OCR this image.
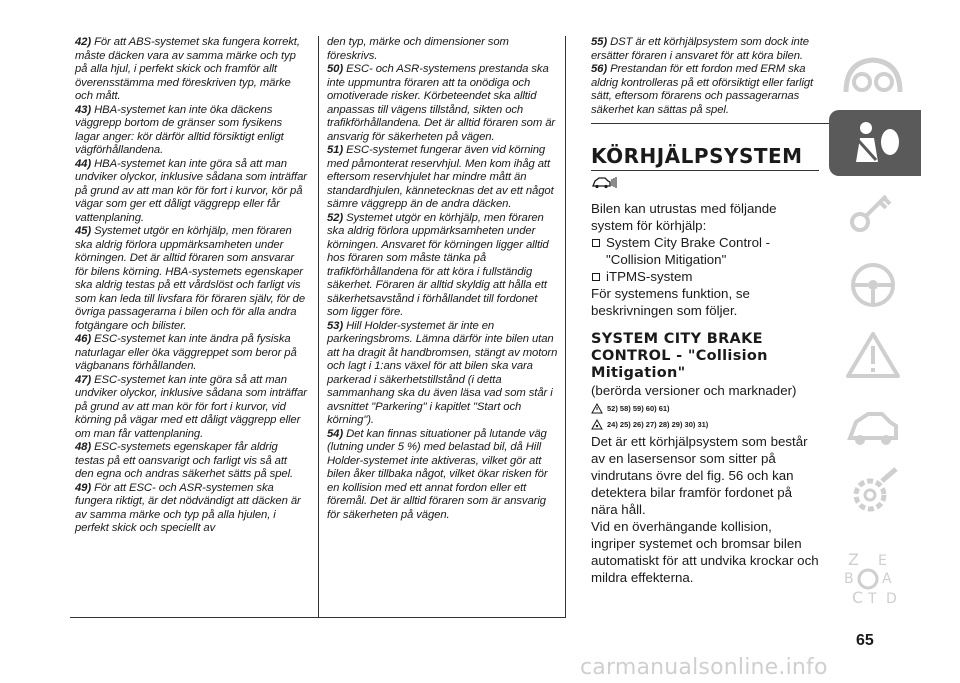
42) För att ABS-systemet ska fungera korrekt, måste däcken vara av samma märke och typ på alla hjul, i perfekt skick och framför allt överensstämma med föreskriven typ, märke och mått.

43) HBA-systemet kan inte öka däckens väggrepp bortom de gränser som fysikens lagar anger: kör därför alltid försiktigt enligt vägförhållandena.

44) HBA-systemet kan inte göra så att man undviker olyckor, inklusive sådana som inträffar på grund av att man kör för fort i kurvor, kör på vägar som ger ett dåligt väggrepp eller får vattenplaning.

45) Systemet utgör en körhjälp, men föraren ska aldrig förlora uppmärksamheten under körningen. Det är alltid föraren som ansvarar för bilens körning. HBA-systemets egenskaper ska aldrig testas på ett vårdslöst och farligt vis som kan leda till livsfara för föraren själv, för de övriga passagerarna i bilen och för alla andra fotgängare och bilister.

46) ESC-systemet kan inte ändra på fysiska naturlagar eller öka väggreppet som beror på vägbanans förhållanden.

47) ESC-systemet kan inte göra så att man undviker olyckor, inklusive sådana som inträffar på grund av att man kör för fort i kurvor, vid körning på vägar med ett dåligt väggrepp eller om man får vattenplaning.

48) ESC-systemets egenskaper får aldrig testas på ett oansvarigt och farligt vis så att den egna och andras säkerhet sätts på spel.

49) För att ESC- och ASR-systemen ska fungera riktigt, är det nödvändigt att däcken är av samma märke och typ på alla hjulen, i perfekt skick och speciellt av

den typ, märke och dimensioner som föreskrivs.

50) ESC- och ASR-systemens prestanda ska inte uppmuntra föraren att ta onödiga och omotiverade risker. Körbeteendet ska alltid anpassas till vägens tillstånd, sikten och trafikförhållandena. Det är alltid föraren som är ansvarig för säkerheten på vägen.

51) ESC-systemet fungerar även vid körning med påmonterat reservhjul. Men kom ihåg att eftersom reservhjulet har mindre mått än standardhjulen, kännetecknas det av ett något sämre väggrepp än de andra däcken.

52) Systemet utgör en körhjälp, men föraren ska aldrig förlora uppmärksamheten under körningen. Ansvaret för körningen ligger alltid hos föraren som måste tänka på trafikförhållandena för att köra i fullständig säkerhet. Föraren är alltid skyldig att hålla ett säkerhetsavstånd i förhållandet till fordonet som ligger före.

53) Hill Holder-systemet är inte en parkeringsbroms. Lämna därför inte bilen utan att ha dragit åt handbromsen, stängt av motorn och lagt i 1:ans växel för att bilen ska vara parkerad i säkerhetstillstånd (i detta sammanhang ska du även läsa vad som står i avsnittet "Parkering" i kapitlet "Start och körning").

54) Det kan finnas situationer på lutande väg (lutning under 5 %) med belastad bil, då Hill Holder-systemet inte aktiveras, vilket gör att bilen åker tillbaka något, vilket ökar risken för en kollision med ett annat fordon eller ett föremål. Det är alltid föraren som är ansvarig för säkerheten på vägen.

55) DST är ett körhjälpsystem som dock inte ersätter föraren i ansvaret för att köra bilen.

56) Prestandan för ett fordon med ERM ska aldrig kontrolleras på ett oförsiktigt eller farligt sätt, eftersom förarens och passagerarnas säkerhet kan sättas på spel.

KÖRHJÄLPSYSTEM

Bilen kan utrustas med följande system för körhjälp:

System City Brake Control - "Collision Mitigation"
iTPMS-system

För systemens funktion, se beskrivningen som följer.

SYSTEM CITY BRAKE

CONTROL - "Collision

Mitigation"

(berörda versioner och marknader)

52) 58) 59) 60) 61)
24) 25) 26) 27) 28) 29) 30) 31)

Det är ett körhjälpsystem som består av en lasersensor som sitter på vindrutans övre del fig. 56 och kan detektera bilar framför fordonet på nära håll.

Vid en överhängande kollision, ingriper systemet och bromsar bilen automatiskt för att undvika krockar och mildra effekterna.

Z E
A
B
C T D
65
carmanualsonline.info
